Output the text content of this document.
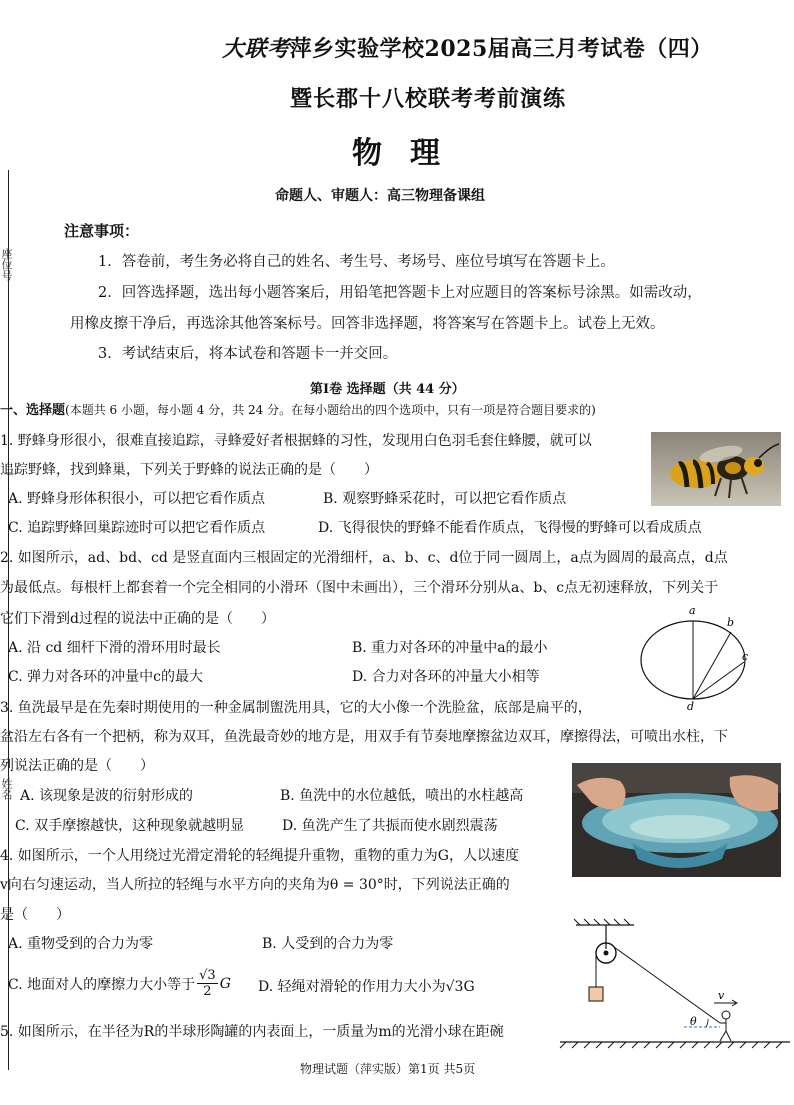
座位号
姓名
大联考萍乡实验学校2025届高三月考试卷（四）
暨长郡十八校联考考前演练
物理
命题人、审题人：高三物理备课组
注意事项：
1．答卷前，考生务必将自己的姓名、考生号、考场号、座位号填写在答题卡上。
2．回答选择题，选出每小题答案后，用铅笔把答题卡上对应题目的答案标号涂黑。如需改动，
用橡皮擦干净后，再选涂其他答案标号。回答非选择题，将答案写在答题卡上。试卷上无效。
3．考试结束后，将本试卷和答题卡一并交回。
第Ⅰ卷 选择题（共 44 分）
一、选择题(本题共 6 小题，每小题 4 分，共 24 分。在每小题给出的四个选项中，只有一项是符合题目要求的)
1. 野蜂身形很小，很难直接追踪，寻蜂爱好者根据蜂的习性，发现用白色羽毛套住蜂腰，就可以
追踪野蜂，找到蜂巢，下列关于野蜂的说法正确的是（　　）
A. 野蜂身形体积很小，可以把它看作质点	B. 观察野蜂采花时，可以把它看作质点
C. 追踪野蜂回巢踪迹时可以把它看作质点	D. 飞得很快的野蜂不能看作质点，飞得慢的野蜂可以看成质点
2. 如图所示，ad、bd、cd 是竖直面内三根固定的光滑细杆，a、b、c、d位于同一圆周上，a点为圆周的最高点，d点
为最低点。每根杆上都套着一个完全相同的小滑环（图中未画出），三个滑环分别从a、b、c点无初速释放，下列关于
它们下滑到d过程的说法中正确的是（　　）
A. 沿 cd 细杆下滑的滑环用时最长	B. 重力对各环的冲量中a的最小
C. 弹力对各环的冲量中c的最大	D. 合力对各环的冲量大小相等
a
b
c
d
3. 鱼洗最早是在先秦时期使用的一种金属制盥洗用具，它的大小像一个洗脸盆，底部是扁平的，
盆沿左右各有一个把柄，称为双耳，鱼洗最奇妙的地方是，用双手有节奏地摩擦盆边双耳，摩擦得法，可喷出水柱，下
列说法正确的是（　　）
A. 该现象是波的衍射形成的	B. 鱼洗中的水位越低，喷出的水柱越高
C. 双手摩擦越快，这种现象就越明显	D. 鱼洗产生了共振而使水剧烈震荡
4. 如图所示，一个人用绕过光滑定滑轮的轻绳提升重物，重物的重力为G，人以速度
v向右匀速运动，当人所拉的轻绳与水平方向的夹角为θ = 30°时，下列说法正确的
是（　　）
A. 重物受到的合力为零	B. 人受到的合力为零
C. 地面对人的摩擦力大小等于 $\frac{√3}{2}$ G D. 轻绳对滑轮的作用力大小为√3G
θ
v
5. 如图所示，在半径为R的半球形陶罐的内表面上，一质量为m的光滑小球在距碗
物理试题（萍实版）第1页 共5页
